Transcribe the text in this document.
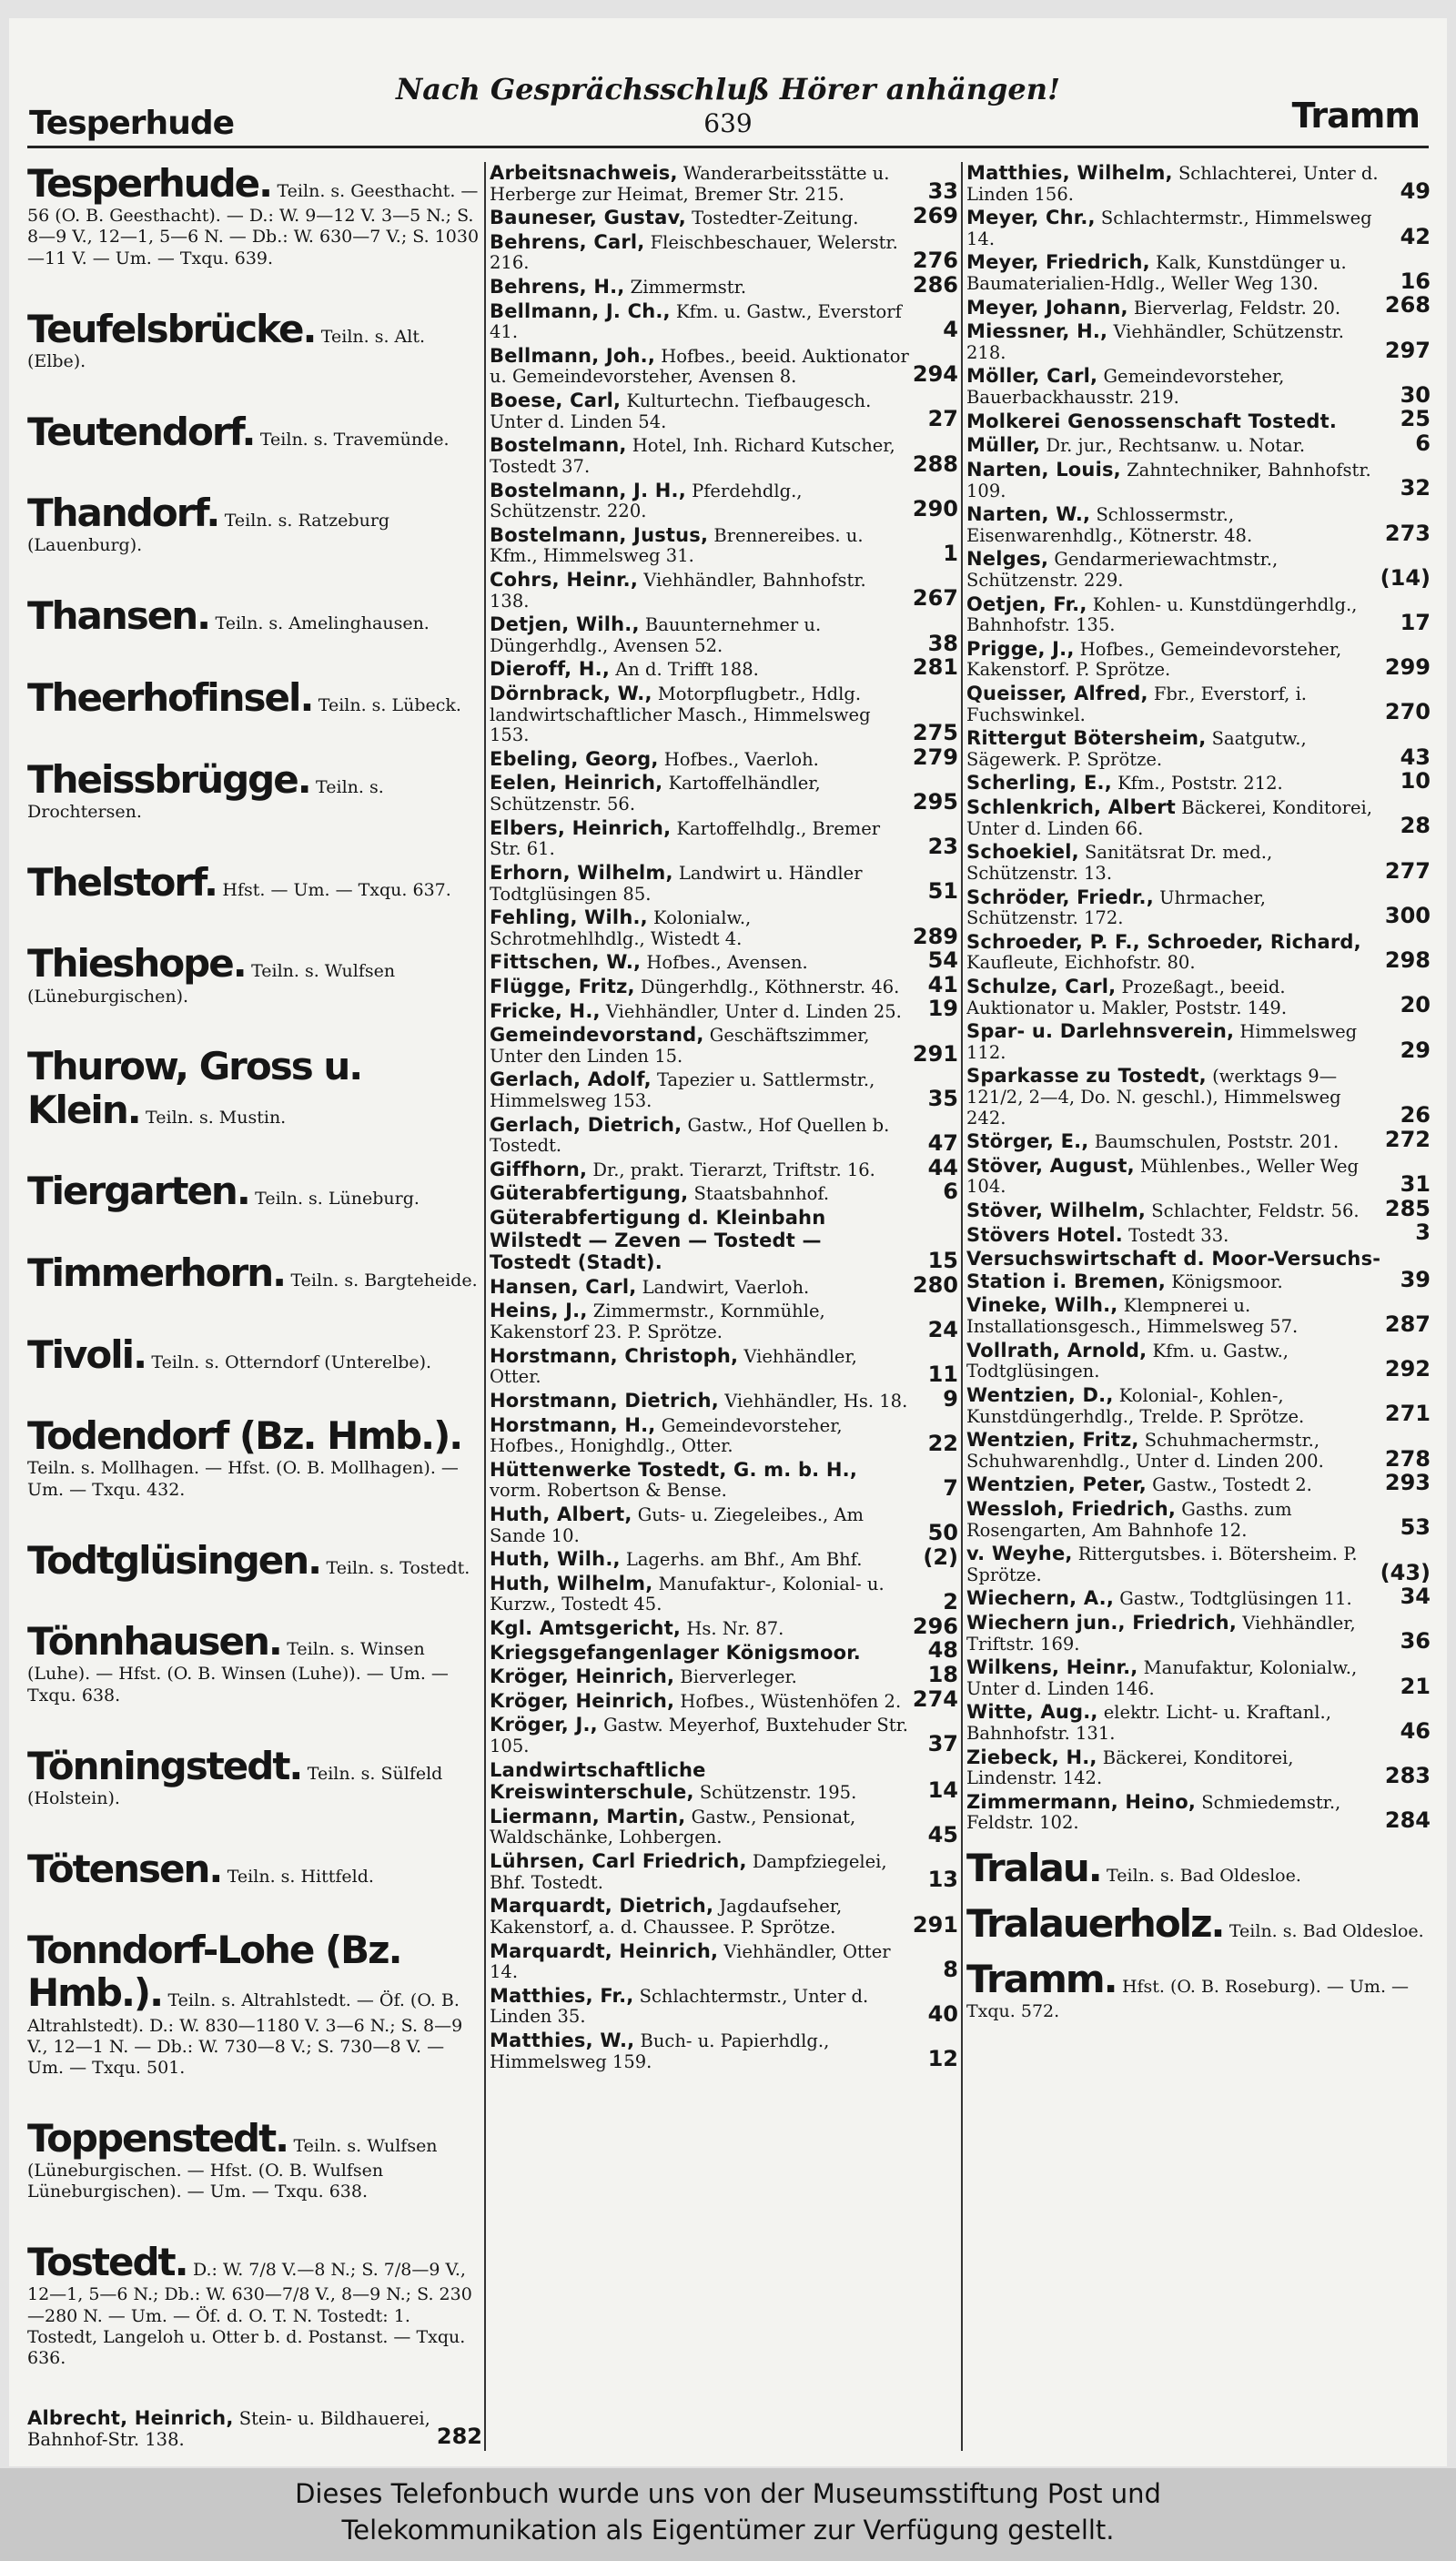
Tesperhude
Nach Gesprächsschluß Hörer anhängen!
639	Tramm
Tesperhude. Teiln. s. Geesthacht. — 56 (O. B. Geesthacht). — D.: W. 9—12 V. 3—5 N.; S. 8—9 V., 12—1, 5—6 N. — Db.: W. 630—7 V.; S. 1030—11 V. — Um. — Txqu. 639.
Teufelsbrücke. Teiln. s. Alt. (Elbe).
Teutendorf. Teiln. s. Travemünde.
Thandorf. Teiln. s. Ratzeburg (Lauenburg).
Thansen. Teiln. s. Amelinghausen.
Theerhofinsel. Teiln. s. Lübeck.
Theissbrügge. Teiln. s. Drochtersen.
Thelstorf. Hfst. — Um. — Txqu. 637.
Thieshope. Teiln. s. Wulfsen (Lüneburgischen).
Thurow, Gross u. Klein. Teiln. s. Mustin.
Tiergarten. Teiln. s. Lüneburg.
Timmerhorn. Teiln. s. Bargteheide.
Tivoli. Teiln. s. Otterndorf (Unterelbe).
Todendorf (Bz. Hmb.). Teiln. s. Mollhagen. — Hfst. (O. B. Mollhagen). — Um. — Txqu. 432.
Todtglüsingen. Teiln. s. Tostedt.
Tönnhausen. Teiln. s. Winsen (Luhe). — Hfst. (O. B. Winsen (Luhe)). — Um. — Txqu. 638.
Tönningstedt. Teiln. s. Sülfeld (Holstein).
Tötensen. Teiln. s. Hittfeld.
Tonndorf-Lohe (Bz. Hmb.). Teiln. s. Altrahlstedt. — Öf. (O. B. Altrahlstedt). D.: W. 830—1180 V. 3—6 N.; S. 8—9 V., 12—1 N. — Db.: W. 730—8 V.; S. 730—8 V. — Um. — Txqu. 501.
Toppenstedt. Teiln. s. Wulfsen (Lüneburgischen. — Hfst. (O. B. Wulfsen Lüneburgischen). — Um. — Txqu. 638.
Tostedt. D.: W. 7/8 V.—8 N.; S. 7/8—9 V., 12—1, 5—6 N.; Db.: W. 630—7/8 V., 8—9 N.; S. 230—280 N. — Um. — Öf. d. O. T. N. Tostedt: 1. Tostedt, Langeloh u. Otter b. d. Postanst. — Txqu. 636.
Albrecht, Heinrich, Stein- u. Bildhauerei, Bahnhof-Str. 138.	282
Arbeitsnachweis, Wanderarbeitsstätte u. Herberge zur Heimat, Bremer Str. 215.	33
Bauneser, Gustav, Tostedter-Zeitung. 269
Behrens, Carl, Fleischbeschauer, Welerstr. 216.	276
Behrens, H., Zimmermstr.	286
Bellmann, J. Ch., Kfm. u. Gastw., Everstorf 41.	4
Bellmann, Joh., Hofbes., beeid. Auktionator u. Gemeindevorsteher, Avensen 8.	294
Boese, Carl, Kulturtechn. Tiefbaugesch. Unter d. Linden 54.	27
Bostelmann, Hotel, Inh. Richard Kutscher, Tostedt 37.	288
Bostelmann, J. H., Pferdehdlg., Schützenstr. 220.	290
Bostelmann, Justus, Brennereibes. u. Kfm., Himmelsweg 31.	1
Cohrs, Heinr., Viehhändler, Bahnhofstr. 138.	267
Detjen, Wilh., Bauunternehmer u. Düngerhdlg., Avensen 52.	38
Dieroff, H., An d. Trifft 188.	281
Dörnbrack, W., Motorpflugbetr., Hdlg. landwirtschaftlicher Masch., Himmelsweg 153.	275
Ebeling, Georg, Hofbes., Vaerloh.	279
Eelen, Heinrich, Kartoffelhändler, Schützenstr. 56.	295
Elbers, Heinrich, Kartoffelhdlg., Bremer Str. 61.	23
Erhorn, Wilhelm, Landwirt u. Händler Todtglüsingen 85.	51
Fehling, Wilh., Kolonialw., Schrotmehlhdlg., Wistedt 4.	289
Fittschen, W., Hofbes., Avensen.	54
Flügge, Fritz, Düngerhdlg., Köthnerstr. 46. 41
Fricke, H., Viehhändler, Unter d. Linden 25. 19
Gemeindevorstand, Geschäftszimmer, Unter den Linden 15.	291
Gerlach, Adolf, Tapezier u. Sattlermstr., Himmelsweg 153.	35
Gerlach, Dietrich, Gastw., Hof Quellen b. Tostedt.	47
Giffhorn, Dr., prakt. Tierarzt, Triftstr. 16. 44
Güterabfertigung, Staatsbahnhof.	6
Güterabfertigung d. Kleinbahn Wilstedt — Zeven — Tostedt — Tostedt (Stadt).	15
Hansen, Carl, Landwirt, Vaerloh.	280
Heins, J., Zimmermstr., Kornmühle, Kakenstorf 23. P. Sprötze.	24
Horstmann, Christoph, Viehhändler, Otter.	11
Horstmann, Dietrich, Viehhändler, Hs. 18. 9
Horstmann, H., Gemeindevorsteher, Hofbes., Honighdlg., Otter.	22
Hüttenwerke Tostedt, G. m. b. H., vorm. Robertson & Bense.	7
Huth, Albert, Guts- u. Ziegeleibes., Am Sande 10.	50
Huth, Wilh., Lagerhs. am Bhf., Am Bhf.	(2)
Huth, Wilhelm, Manufaktur-, Kolonial- u. Kurzw., Tostedt 45.	2
Kgl. Amtsgericht, Hs. Nr. 87.	296
Kriegsgefangenlager Königsmoor.	48
Kröger, Heinrich, Bierverleger.	18
Kröger, Heinrich, Hofbes., Wüstenhöfen 2. 274
Kröger, J., Gastw. Meyerhof, Buxtehuder Str. 105.	37
Landwirtschaftliche Kreiswinterschule, Schützenstr. 195.	14
Liermann, Martin, Gastw., Pensionat, Waldschänke, Lohbergen.	45
Lührsen, Carl Friedrich, Dampfziegelei, Bhf. Tostedt.	13
Marquardt, Dietrich, Jagdaufseher, Kakenstorf, a. d. Chaussee. P. Sprötze.	291
Marquardt, Heinrich, Viehhändler, Otter 14.	8
Matthies, Fr., Schlachtermstr., Unter d. Linden 35.	40
Matthies, W., Buch- u. Papierhdlg., Himmelsweg 159.	12
Matthies, Wilhelm, Schlachterei, Unter d. Linden 156.	49
Meyer, Chr., Schlachtermstr., Himmelsweg 14.	42
Meyer, Friedrich, Kalk, Kunstdünger u. Baumaterialien-Hdlg., Weller Weg 130.	16
Meyer, Johann, Bierverlag, Feldstr. 20. 268
Miessner, H., Viehhändler, Schützenstr. 218.	297
Möller, Carl, Gemeindevorsteher, Bauerbackhausstr. 219.	30
Molkerei Genossenschaft Tostedt.	25
Müller, Dr. jur., Rechtsanw. u. Notar.	6
Narten, Louis, Zahntechniker, Bahnhofstr. 109.	32
Narten, W., Schlossermstr., Eisenwarenhdlg., Kötnerstr. 48.	273
Nelges, Gendarmeriewachtmstr., Schützenstr. 229.	(14)
Oetjen, Fr., Kohlen- u. Kunstdüngerhdlg., Bahnhofstr. 135.	17
Prigge, J., Hofbes., Gemeindevorsteher, Kakenstorf. P. Sprötze.	299
Queisser, Alfred, Fbr., Everstorf, i. Fuchswinkel.	270
Rittergut Bötersheim, Saatgutw., Sägewerk. P. Sprötze.	43
Scherling, E., Kfm., Poststr. 212.	10
Schlenkrich, Albert Bäckerei, Konditorei, Unter d. Linden 66.	28
Schoekiel, Sanitätsrat Dr. med., Schützenstr. 13.	277
Schröder, Friedr., Uhrmacher, Schützenstr. 172.	300
Schroeder, P. F., Schroeder, Richard, Kaufleute, Eichhofstr. 80.	298
Schulze, Carl, Prozeßagt., beeid. Auktionator u. Makler, Poststr. 149.	20
Spar- u. Darlehnsverein, Himmelsweg 112.	29
Sparkasse zu Tostedt, (werktags 9—121/2, 2—4, Do. N. geschl.), Himmelsweg 242.	26
Störger, E., Baumschulen, Poststr. 201. 272
Stöver, August, Mühlenbes., Weller Weg 104.	31
Stöver, Wilhelm, Schlachter, Feldstr. 56. 285
Stövers Hotel. Tostedt 33.	3
Versuchswirtschaft d. Moor-Versuchs-Station i. Bremen, Königsmoor.	39
Vineke, Wilh., Klempnerei u. Installationsgesch., Himmelsweg 57.	287
Vollrath, Arnold, Kfm. u. Gastw., Todtglüsingen.	292
Wentzien, D., Kolonial-, Kohlen-, Kunstdüngerhdlg., Trelde. P. Sprötze.	271
Wentzien, Fritz, Schuhmachermstr., Schuhwarenhdlg., Unter d. Linden 200.	278
Wentzien, Peter, Gastw., Tostedt 2.	293
Wessloh, Friedrich, Gasths. zum Rosengarten, Am Bahnhofe 12.	53
v. Weyhe, Rittergutsbes. i. Bötersheim. P. Sprötze.	(43)
Wiechern, A., Gastw., Todtglüsingen 11. 34
Wiechern jun., Friedrich, Viehhändler, Triftstr. 169.	36
Wilkens, Heinr., Manufaktur, Kolonialw., Unter d. Linden 146.	21
Witte, Aug., elektr. Licht- u. Kraftanl., Bahnhofstr. 131.	46
Ziebeck, H., Bäckerei, Konditorei, Lindenstr. 142.	283
Zimmermann, Heino, Schmiedemstr., Feldstr. 102.	284
Tralau. Teiln. s. Bad Oldesloe.
Tralauerholz. Teiln. s. Bad Oldesloe.
Tramm. Hfst. (O. B. Roseburg). — Um. — Txqu. 572.
Dieses Telefonbuch wurde uns von der Museumsstiftung Post und
Telekommunikation als Eigentümer zur Verfügung gestellt.
